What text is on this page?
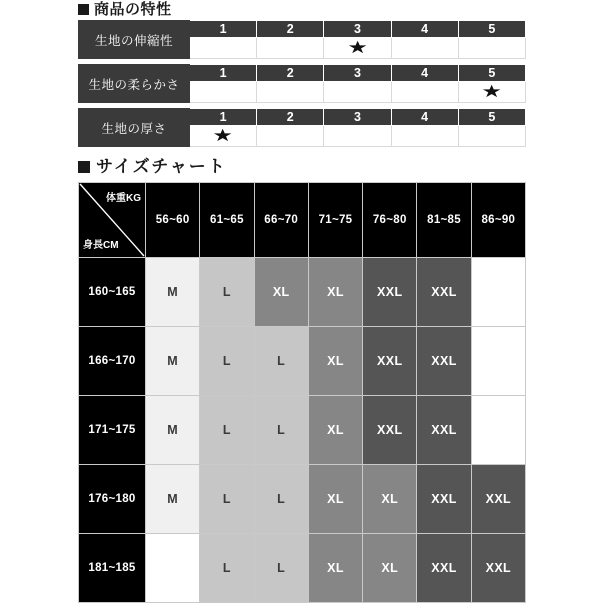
商品の特性
生地の伸縮性	1	2	3	4	5
			★		
生地の柔らかさ	1	2	3	4	5
					★
生地の厚さ	1	2	3	4	5
	★				
サイズチャート
体重KG
身長CM	56~60	61~65	66~70	71~75	76~80	81~85	86~90
160~165	M	L	XL	XL	XXL	XXL	
166~170	M	L	L	XL	XXL	XXL	
171~175	M	L	L	XL	XXL	XXL	
176~180	M	L	L	XL	XL	XXL	XXL
181~185		L	L	XL	XL	XXL	XXL
